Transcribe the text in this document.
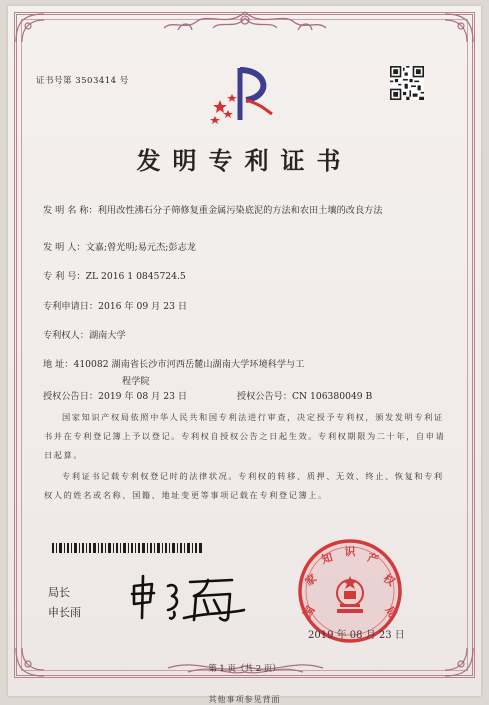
证书号第 3503414 号
发明专利证书
发 明 名 称：利用改性沸石分子筛修复重金属污染底泥的方法和农田土壤的改良方法
发 明 人：文嘉;曾光明;易元杰;彭志龙
专 利 号：ZL 2016 1 0845724.5
专利申请日：2016 年 09 月 23 日
专利权人：湖南大学
地 址：410082 湖南省长沙市河西岳麓山湖南大学环境科学与工
程学院
授权公告日：2019 年 08 月 23 日	授权公告号：CN 106380049 B
国家知识产权局依照中华人民共和国专利法进行审查，决定授予专利权，颁发发明专利证书并在专利登记簿上予以登记。专利权自授权公告之日起生效。专利权期限为二十年，自申请日起算。
专利证书记载专利权登记时的法律状况。专利权的转移、质押、无效、终止、恢复和专利权人的姓名或名称、国籍、地址变更等事项记载在专利登记簿上。
局长
申长雨	国
家
知 识 产
权
局
2019 年 08 月 23 日
第 1 页（共 2 页）
其他事项参见背面
